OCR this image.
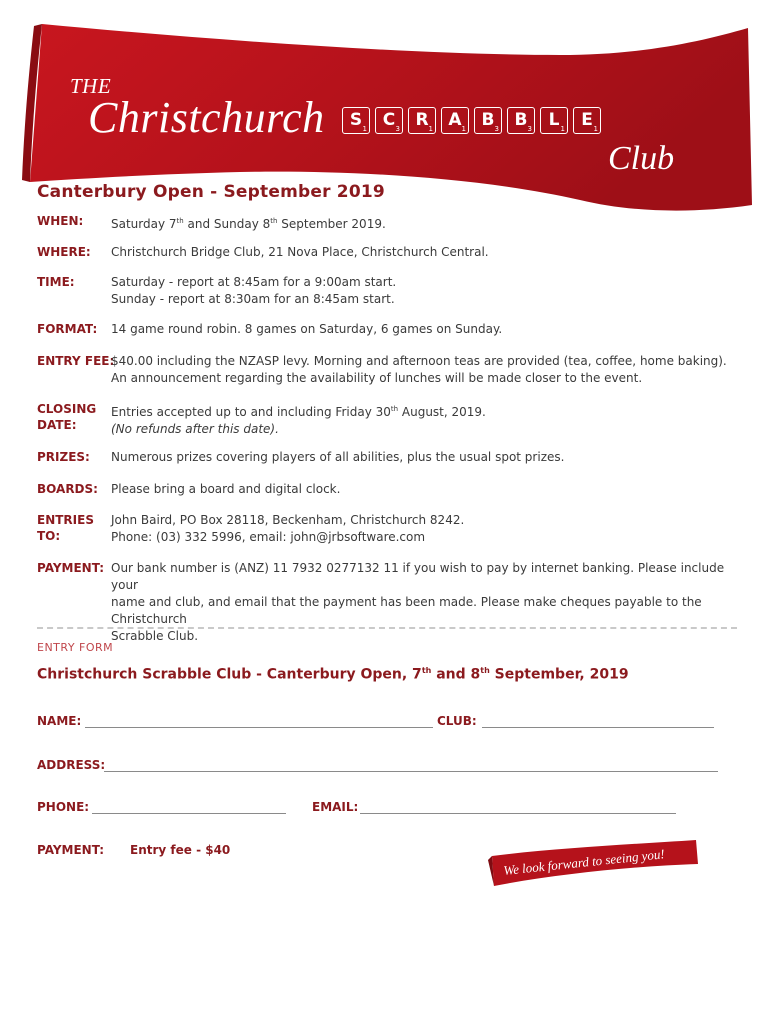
THE
Christchurch	S 1 C 3 R 1 A 1 B 3 B 3 L 1 E 1
Club
Canterbury Open - September 2019
WHEN: Saturday 7th and Sunday 8th September 2019.
WHERE: Christchurch Bridge Club, 21 Nova Place, Christchurch Central.
TIME:	Saturday - report at 8:45am for a 9:00am start.
Sunday - report at 8:30am for an 8:45am start.
FORMAT: 14 game round robin. 8 games on Saturday, 6 games on Sunday.
ENTRY FEE:
$40.00 including the NZASP levy. Morning and afternoon teas are provided (tea, coffee, home baking).
An announcement regarding the availability of lunches will be made closer to the event.
CLOSING
DATE:
Entries accepted up to and including Friday 30th August, 2019.
(No refunds after this date).
PRIZES: Numerous prizes covering players of all abilities, plus the usual spot prizes.
BOARDS: Please bring a board and digital clock.
ENTRIES
TO:
John Baird, PO Box 28118, Beckenham, Christchurch 8242.
Phone: (03) 332 5996, email: john@jrbsoftware.com
PAYMENT: Our bank number is (ANZ) 11 7932 0277132 11 if you wish to pay by internet banking. Please include your
name and club, and email that the payment has been made. Please make cheques payable to the Christchurch
Scrabble Club.
ENTRY FORM
Christchurch Scrabble Club - Canterbury Open, 7th and 8th September, 2019
NAME:	CLUB:
ADDRESS:
PHONE:	EMAIL:
PAYMENT: Entry fee - $40	We look forward to seeing you!
